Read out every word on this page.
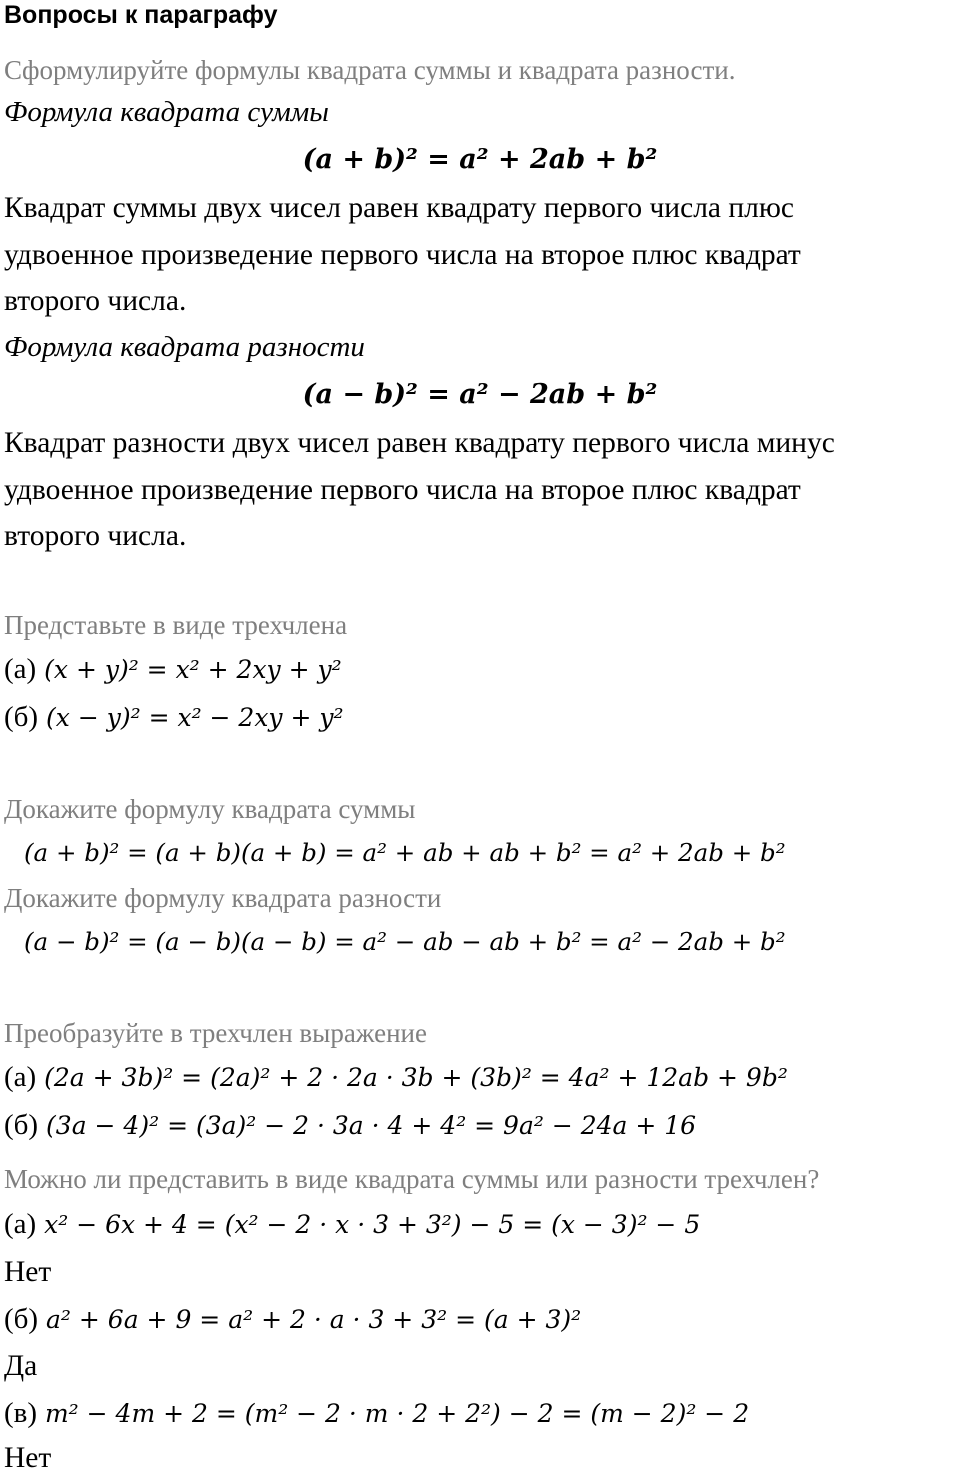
Вопросы к параграфу
Сформулируйте формулы квадрата суммы и квадрата разности.
Формула квадрата суммы
(a + b)² = a² + 2ab + b²
Квадрат суммы двух чисел равен квадрату первого числа плюс
удвоенное произведение первого числа на второе плюс квадрат
второго числа.
Формула квадрата разности
(a − b)² = a² − 2ab + b²
Квадрат разности двух чисел равен квадрату первого числа минус
удвоенное произведение первого числа на второе плюс квадрат
второго числа.
Представьте в виде трехчлена
(а) (x + y)² = x² + 2xy + y²
(б) (x − y)² = x² − 2xy + y²
Докажите формулу квадрата суммы
(a + b)² = (a + b)(a + b) = a² + ab + ab + b² = a² + 2ab + b²
Докажите формулу квадрата разности
(a − b)² = (a − b)(a − b) = a² − ab − ab + b² = a² − 2ab + b²
Преобразуйте в трехчлен выражение
(а) (2a + 3b)² = (2a)² + 2 · 2a · 3b + (3b)² = 4a² + 12ab + 9b²
(б) (3a − 4)² = (3a)² − 2 · 3a · 4 + 4² = 9a² − 24a + 16
Можно ли представить в виде квадрата суммы или разности трехчлен?
(а) x² − 6x + 4 = (x² − 2 · x · 3 + 3²) − 5 = (x − 3)² − 5
Нет
(б) a² + 6a + 9 = a² + 2 · a · 3 + 3² = (a + 3)²
Да
(в) m² − 4m + 2 = (m² − 2 · m · 2 + 2²) − 2 = (m − 2)² − 2
Нет
